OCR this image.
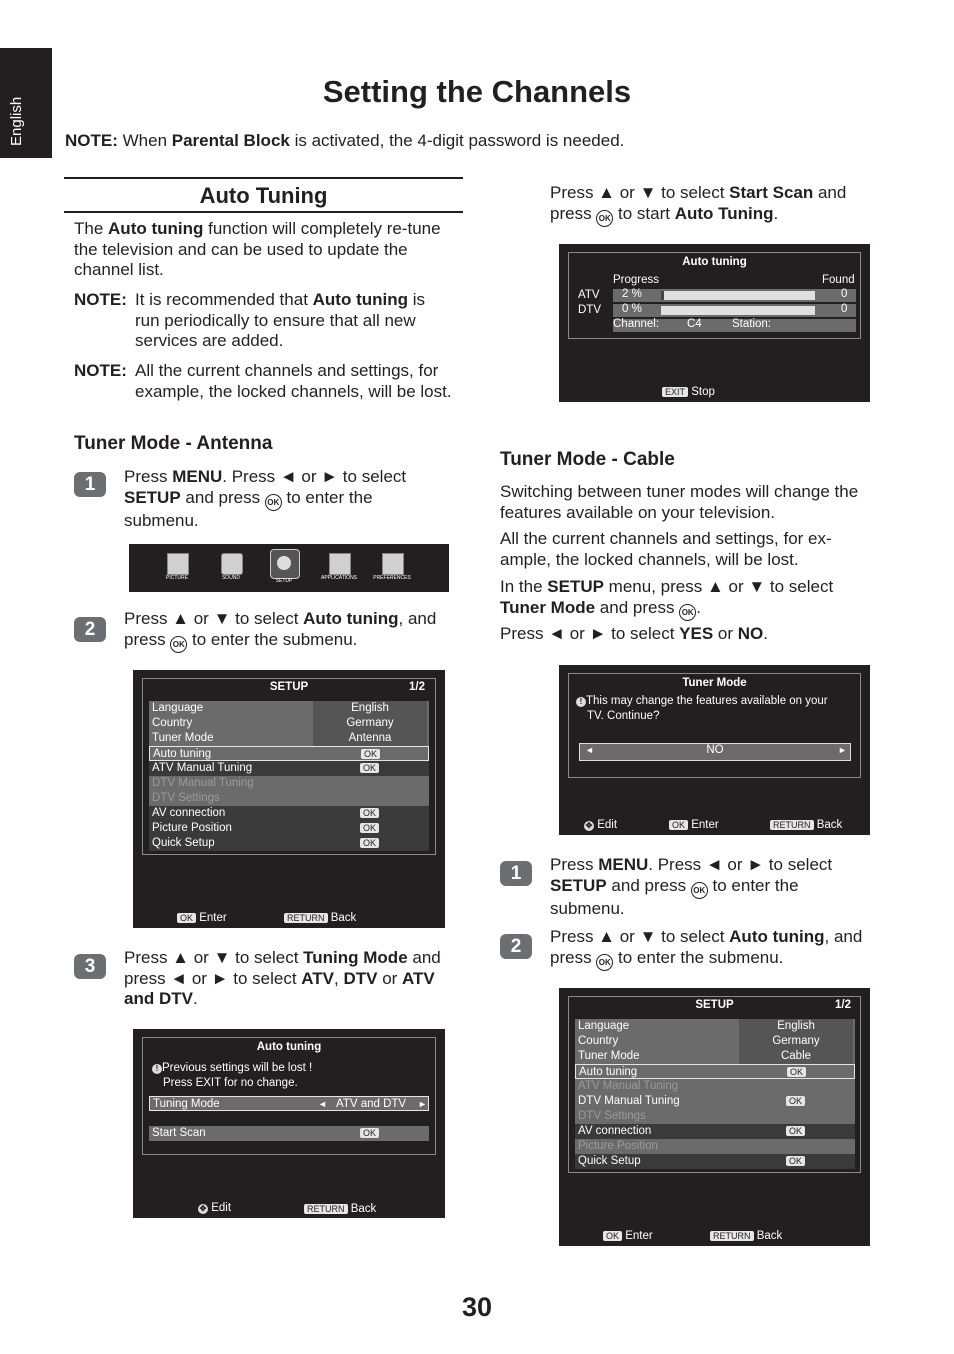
English
Setting the Channels
NOTE: When Parental Block is activated, the 4-digit password is needed.
Auto Tuning
The Auto tuning function will completely re-tune the television and can be used to update the channel list.
NOTE: It is recommended that Auto tuning is run periodically to ensure that all new services are added.
NOTE: All the current channels and settings, for example, the locked channels, will be lost.
Tuner Mode - Antenna
1	Press MENU. Press ◄ or ► to select SETUP and press OK to enter the submenu.
PICTURE	SOUND	SETUP	APPLICATIONS	PREFERENCES
2
Press ▲ or ▼ to select Auto tuning, and press OK to enter the submenu.
SETUP	1/2
Language	English
Country	Germany
Tuner Mode	Antenna
Auto tuning	OK
ATV Manual Tuning	OK
DTV Manual Tuning
DTV Settings
AV connection	OK
Picture Position	OK
Quick Setup	OK
OK Enter	RETURN Back
3	Press ▲ or ▼ to select Tuning Mode and press ◄ or ► to select ATV, DTV or ATV and DTV.
Auto tuning
! Previous settings will be lost !
Press EXIT for no change.
Tuning Mode	◄ ATV and DTV ►
Start Scan	OK
✥ Edit	RETURN Back
Press ▲ or ▼ to select Start Scan and press OK to start Auto Tuning.
Auto tuning
Progress	Found
ATV 2 %	0
DTV 0 %	0
Channel: C4	Station:
EXIT Stop
Tuner Mode - Cable
Switching between tuner modes will change the features available on your television.
All the current channels and settings, for ex-ample, the locked channels, will be lost.
In the SETUP menu, press ▲ or ▼ to select Tuner Mode and press OK .
Press ◄ or ► to select YES or NO.
Tuner Mode
! This may change the features available on your
TV. Continue?
◄	NO	►
✥ Edit	OK Enter	RETURN Back
1	Press MENU. Press ◄ or ► to select SETUP and press OK to enter the submenu.
2	Press ▲ or ▼ to select Auto tuning, and press OK to enter the submenu.
SETUP	1/2
Language	English
Country	Germany
Tuner Mode	Cable
Auto tuning	OK
ATV Manual Tuning
DTV Manual Tuning	OK
DTV Settings
AV connection	OK
Picture Position
Quick Setup	OK
OK Enter	RETURN Back
30
